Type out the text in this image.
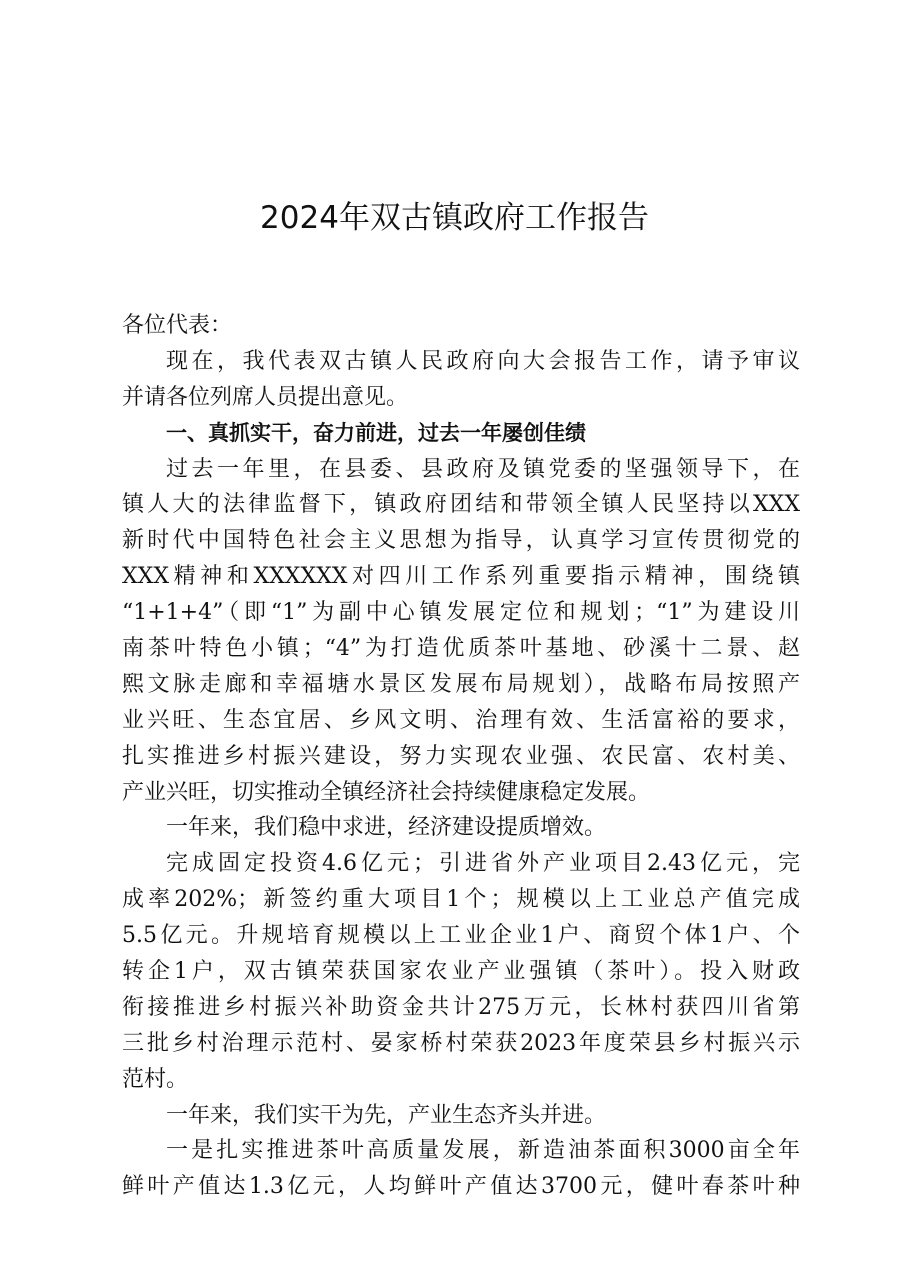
2024年双古镇政府工作报告
各位代表：
现在，我代表双古镇人民政府向大会报告工作，请予审议
并请各位列席人员提出意见。
一、真抓实干，奋力前进，过去一年屡创佳绩
过去一年里，在县委、县政府及镇党委的坚强领导下，在
镇人大的法律监督下，镇政府团结和带领全镇人民坚持以XXX
新时代中国特色社会主义思想为指导，认真学习宣传贯彻党的
XXX精神和XXXXXX对四川工作系列重要指示精神，围绕镇
“1+1+4”（即“1”为副中心镇发展定位和规划；“1”为建设川
南茶叶特色小镇；“4”为打造优质茶叶基地、砂溪十二景、赵
熙文脉走廊和幸福塘水景区发展布局规划），战略布局按照产
业兴旺、生态宜居、乡风文明、治理有效、生活富裕的要求，
扎实推进乡村振兴建设，努力实现农业强、农民富、农村美、
产业兴旺，切实推动全镇经济社会持续健康稳定发展。
一年来，我们稳中求进，经济建设提质增效。
完成固定投资4.6亿元；引进省外产业项目2.43亿元，完
成率202%；新签约重大项目1个；规模以上工业总产值完成
5.5亿元。升规培育规模以上工业企业1户、商贸个体1户、个
转企1户，双古镇荣获国家农业产业强镇（茶叶）。投入财政
衔接推进乡村振兴补助资金共计275万元，长林村获四川省第
三批乡村治理示范村、晏家桥村荣获2023年度荣县乡村振兴示
范村。
一年来，我们实干为先，产业生态齐头并进。
一是扎实推进茶叶高质量发展，新造油茶面积3000亩全年
鲜叶产值达1.3亿元，人均鲜叶产值达3700元，健叶春茶叶种
